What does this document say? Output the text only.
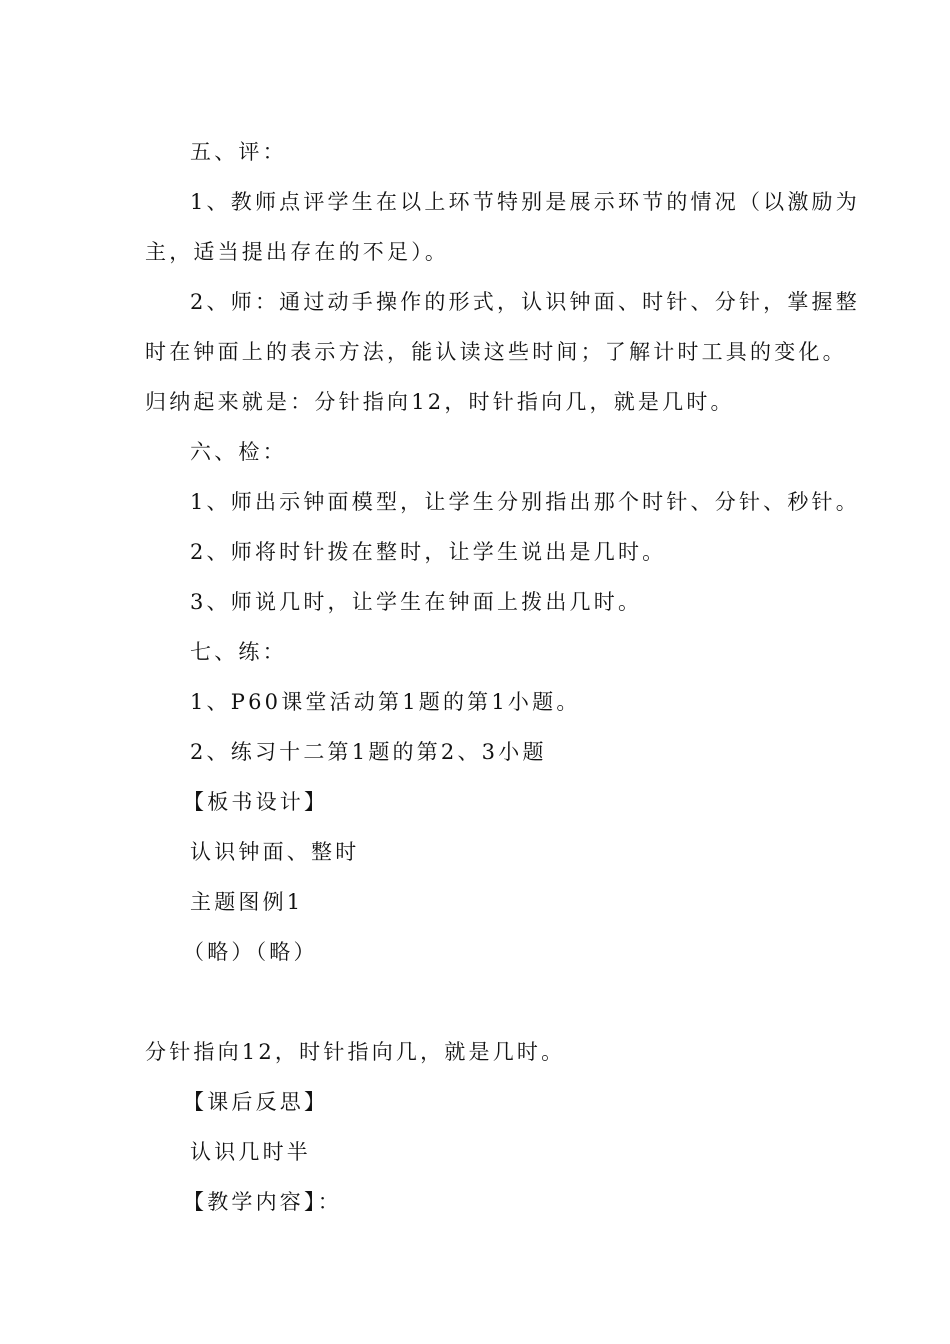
五、评：
1、教师点评学生在以上环节特别是展示环节的情况（以激励为
主，适当提出存在的不足）。
2、师：通过动手操作的形式，认识钟面、时针、分针，掌握整
时在钟面上的表示方法，能认读这些时间；了解计时工具的变化。
归纳起来就是：分针指向12，时针指向几，就是几时。
六、检：
1、师出示钟面模型，让学生分别指出那个时针、分针、秒针。
2、师将时针拨在整时，让学生说出是几时。
3、师说几时，让学生在钟面上拨出几时。
七、练：
1、P60课堂活动第1题的第1小题。
2、练习十二第1题的第2、3小题
【板书设计】
认识钟面、整时
主题图例1
（略）（略）
分针指向12，时针指向几，就是几时。
【课后反思】
认识几时半
【教学内容】：
